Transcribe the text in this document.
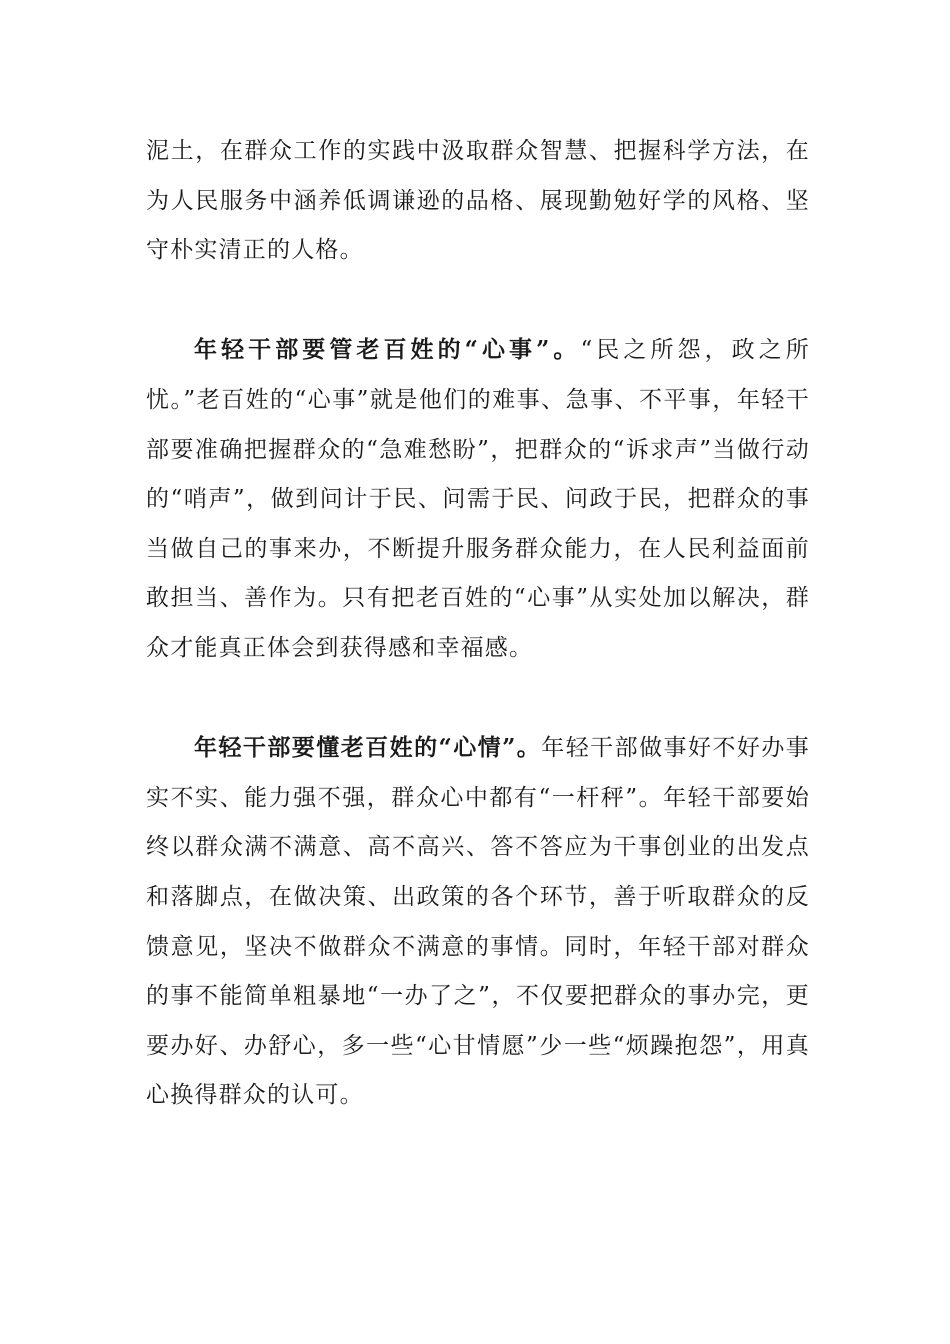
泥土，在群众工作的实践中汲取群众智慧、把握科学方法，在为人民服务中涵养低调谦逊的品格、展现勤勉好学的风格、坚守朴实清正的人格。

年轻干部要管老百姓的“心事”。“民之所怨，政之所忧。”老百姓的“心事”就是他们的难事、急事、不平事，年轻干部要准确把握群众的“急难愁盼”，把群众的“诉求声”当做行动的“哨声”，做到问计于民、问需于民、问政于民，把群众的事当做自己的事来办，不断提升服务群众能力，在人民利益面前敢担当、善作为。只有把老百姓的“心事”从实处加以解决，群众才能真正体会到获得感和幸福感。

年轻干部要懂老百姓的“心情”。年轻干部做事好不好办事实不实、能力强不强，群众心中都有“一杆秤”。年轻干部要始终以群众满不满意、高不高兴、答不答应为干事创业的出发点和落脚点，在做决策、出政策的各个环节，善于听取群众的反馈意见，坚决不做群众不满意的事情。同时，年轻干部对群众的事不能简单粗暴地“一办了之”，不仅要把群众的事办完，更要办好、办舒心，多一些“心甘情愿”少一些“烦躁抱怨”，用真心换得群众的认可。
